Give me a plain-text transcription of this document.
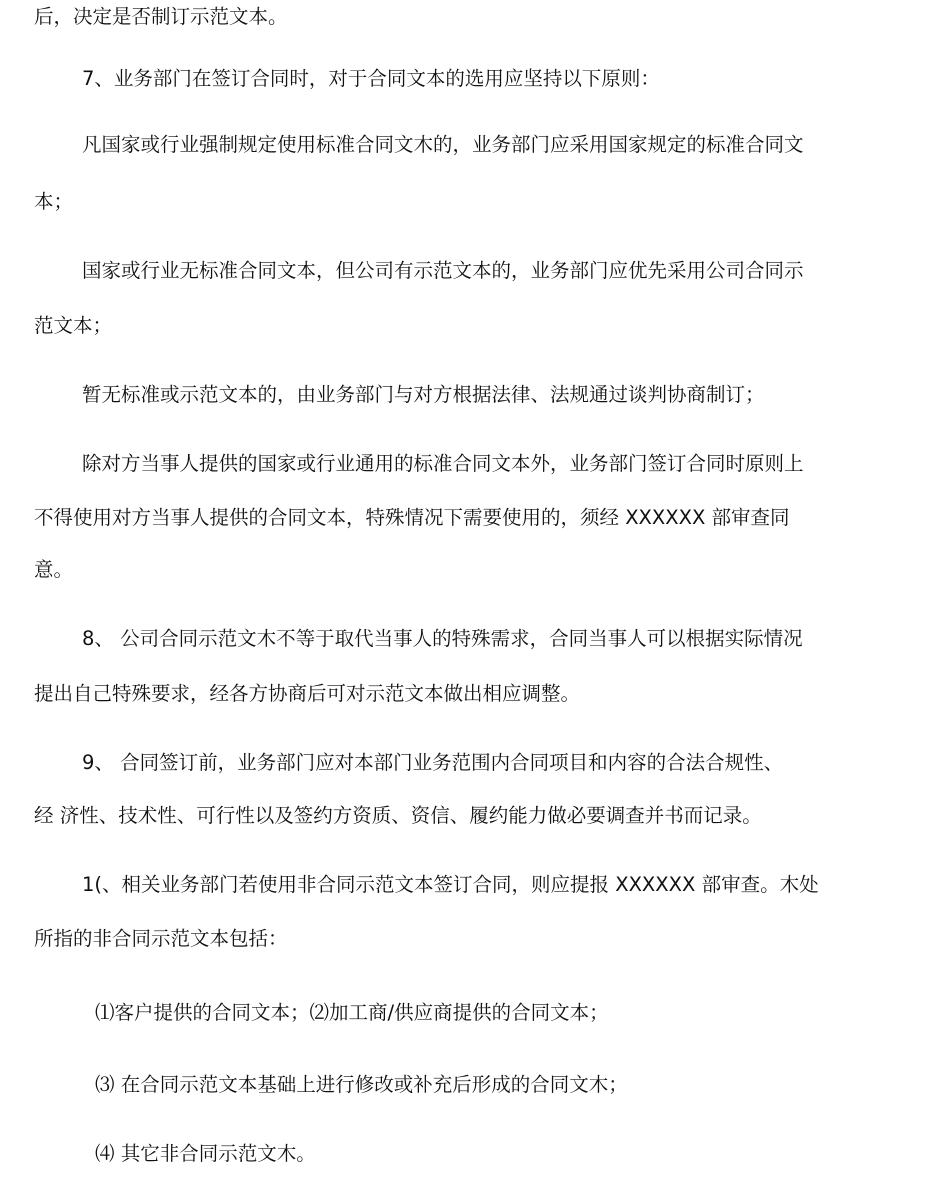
后，决定是否制订示范文本。
7、业务部门在签订合同时，对于合同文本的选用应坚持以下原则：
凡国家或行业强制规定使用标准合同文木的，业务部门应采用国家规定的标准合同文
本；
国家或行业无标准合同文本，但公司有示范文本的，业务部门应优先采用公司合同示
范文本；
暂无标准或示范文本的，由业务部门与对方根据法律、法规通过谈判协商制订；
除对方当事人提供的国家或行业通用的标准合同文本外，业务部门签订合同时原则上
不得使用对方当事人提供的合同文本，特殊情况下需要使用的，须经 XXXXXX 部审查同
意。
8、 公司合同示范文木不等于取代当事人的特殊需求，合同当事人可以根据实际情况
提出自己特殊要求，经各方协商后可对示范文本做出相应调整。
9、 合同签订前，业务部门应对本部门业务范围内合同项目和内容的合法合规性、
经 济性、技术性、可行性以及签约方资质、资信、履约能力做必要调查并书而记录。
1(、相关业务部门若使用非合同示范文本签订合同，则应提报 XXXXXX 部审查。木处
所指的非合同示范文本包括：
⑴客户提供的合同文本；⑵加工商/供应商提供的合同文本；
⑶ 在合同示范文本基础上进行修改或补充后形成的合同文木；
⑷ 其它非合同示范文木。
